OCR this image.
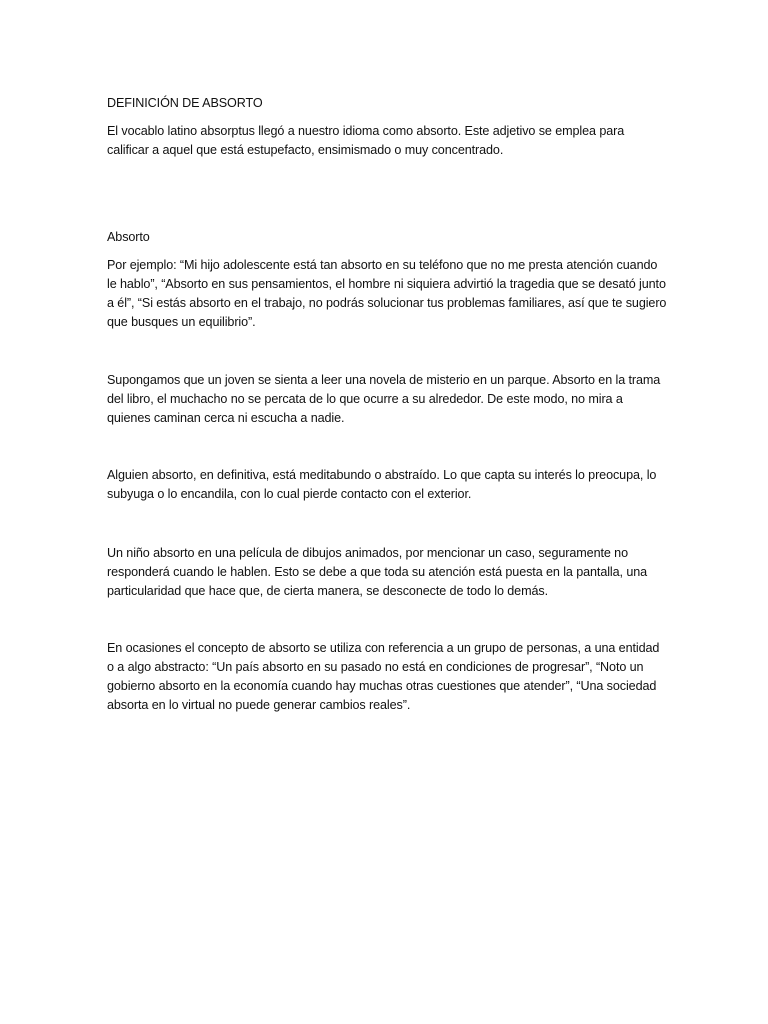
DEFINICIÓN DE ABSORTO

El vocablo latino absorptus llegó a nuestro idioma como absorto. Este adjetivo se emplea para calificar a aquel que está estupefacto, ensimismado o muy concentrado.

Absorto

Por ejemplo: “Mi hijo adolescente está tan absorto en su teléfono que no me presta atención cuando le hablo”, “Absorto en sus pensamientos, el hombre ni siquiera advirtió la tragedia que se desató junto a él”, “Si estás absorto en el trabajo, no podrás solucionar tus problemas familiares, así que te sugiero que busques un equilibrio”.

Supongamos que un joven se sienta a leer una novela de misterio en un parque. Absorto en la trama del libro, el muchacho no se percata de lo que ocurre a su alrededor. De este modo, no mira a quienes caminan cerca ni escucha a nadie.

Alguien absorto, en definitiva, está meditabundo o abstraído. Lo que capta su interés lo preocupa, lo subyuga o lo encandila, con lo cual pierde contacto con el exterior.

Un niño absorto en una película de dibujos animados, por mencionar un caso, seguramente no responderá cuando le hablen. Esto se debe a que toda su atención está puesta en la pantalla, una particularidad que hace que, de cierta manera, se desconecte de todo lo demás.

En ocasiones el concepto de absorto se utiliza con referencia a un grupo de personas, a una entidad o a algo abstracto: “Un país absorto en su pasado no está en condiciones de progresar”, “Noto un gobierno absorto en la economía cuando hay muchas otras cuestiones que atender”, “Una sociedad absorta en lo virtual no puede generar cambios reales”.
